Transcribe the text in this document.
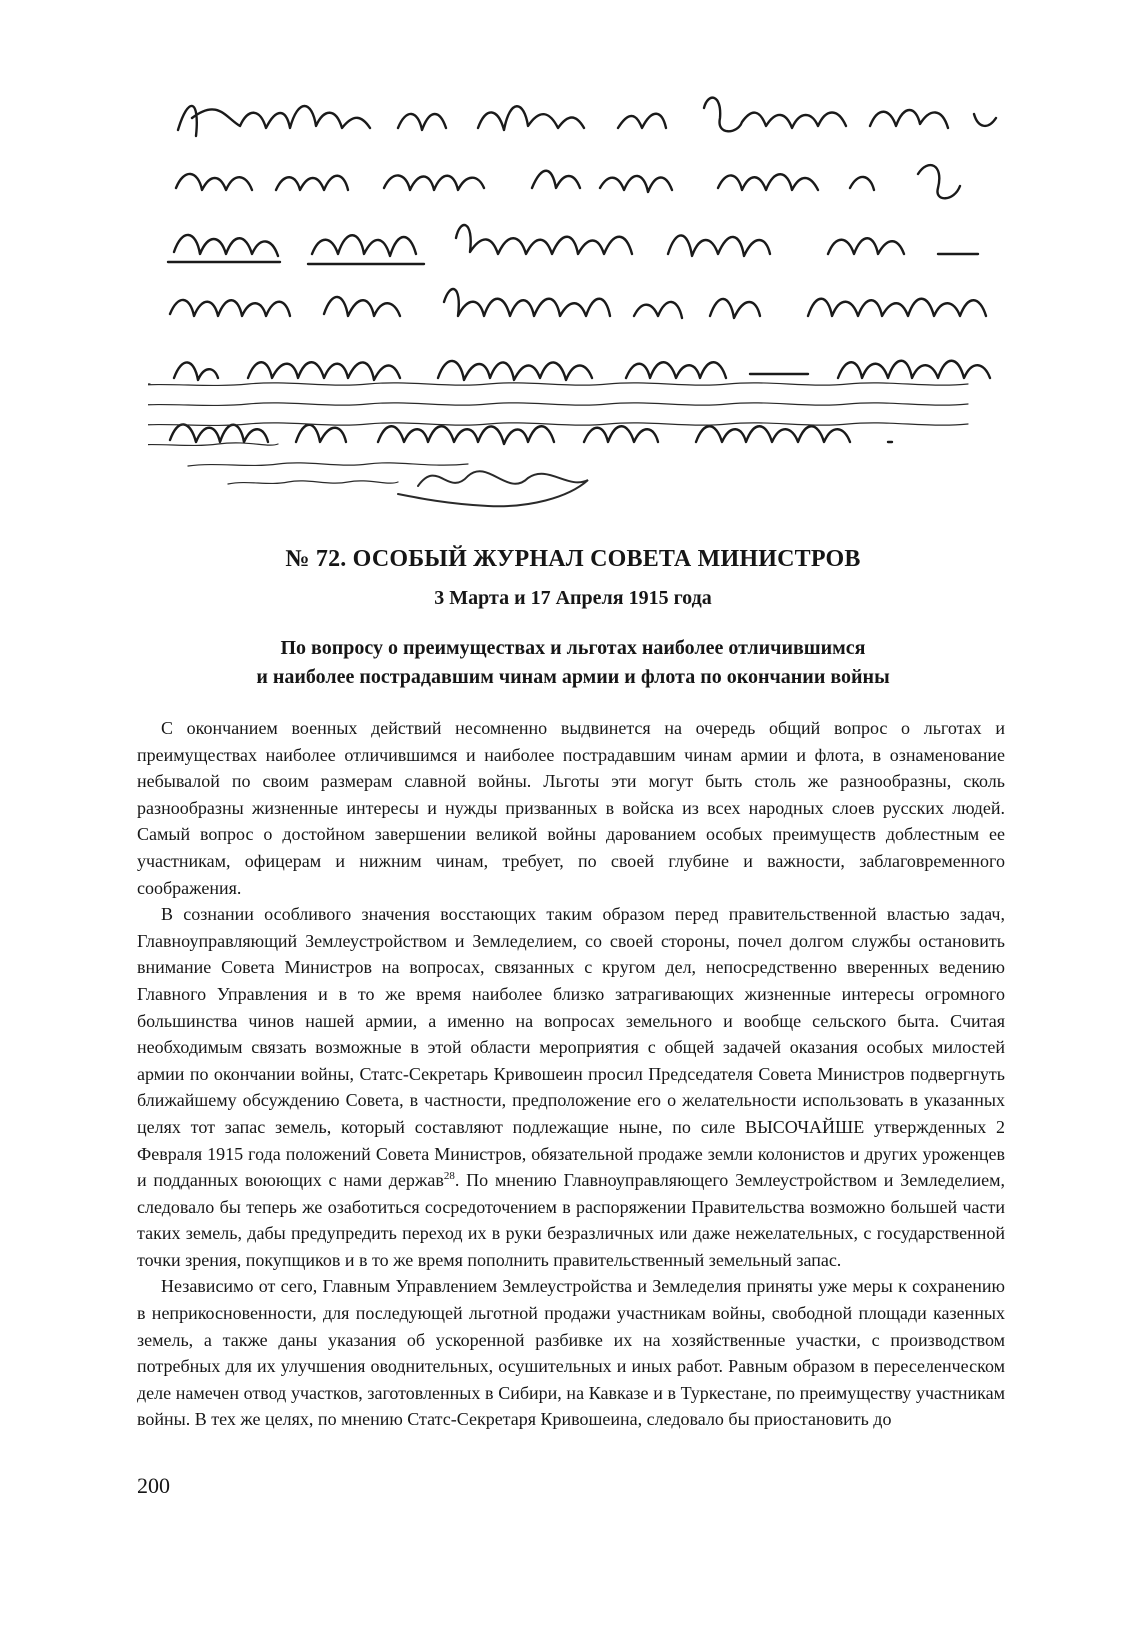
№ 72. ОСОБЫЙ ЖУРНАЛ СОВЕТА МИНИСТРОВ
3 Марта и 17 Апреля 1915 года
По вопросу о преимуществах и льготах наиболее отличившимся
и наиболее пострадавшим чинам армии и флота по окончании войны

С окончанием военных действий несомненно выдвинется на очередь общий вопрос о льготах и преимуществах наиболее отличившимся и наиболее пострадавшим чинам армии и флота, в ознаменование небывалой по своим размерам славной войны. Льготы эти могут быть столь же разнообразны, сколь разнообразны жизненные интересы и нужды призванных в войска из всех народных слоев русских людей. Самый вопрос о достойном завершении великой войны дарованием особых преимуществ доблестным ее участникам, офицерам и нижним чинам, требует, по своей глубине и важности, заблаговременного соображения.

В сознании особливого значения восстающих таким образом перед правительственной властью задач, Главноуправляющий Землеустройством и Земледелием, со своей стороны, почел долгом службы остановить внимание Совета Министров на вопросах, связанных с кругом дел, непосредственно вверенных ведению Главного Управления и в то же время наиболее близко затрагивающих жизненные интересы огромного большинства чинов нашей армии, а именно на вопросах земельного и вообще сельского быта. Считая необходимым связать возможные в этой области мероприятия с общей задачей оказания особых милостей армии по окончании войны, Статс-Секретарь Кривошеин просил Председателя Совета Министров подвергнуть ближайшему обсуждению Совета, в частности, предположение его о желательности использовать в указанных целях тот запас земель, который составляют подлежащие ныне, по силе ВЫСОЧАЙШЕ утвержденных 2 Февраля 1915 года положений Совета Министров, обязательной продаже земли колонистов и других уроженцев и подданных воюющих с нами держав$^{28}$. По мнению Главноуправляющего Землеустройством и Земледелием, следовало бы теперь же озаботиться сосредоточением в распоряжении Правительства возможно большей части таких земель, дабы предупредить переход их в руки безразличных или даже нежелательных, с государственной точки зрения, покупщиков и в то же время пополнить правительственный земельный запас.

Независимо от сего, Главным Управлением Землеустройства и Земледелия приняты уже меры к сохранению в неприкосновенности, для последующей льготной продажи участникам войны, свободной площади казенных земель, а также даны указания об ускоренной разбивке их на хозяйственные участки, с производством потребных для их улучшения оводнительных, осушительных и иных работ. Равным образом в переселенческом деле намечен отвод участков, заготовленных в Сибири, на Кавказе и в Туркестане, по преимуществу участникам войны. В тех же целях, по мнению Статс-Секретаря Кривошеина, следовало бы приостановить до

200
